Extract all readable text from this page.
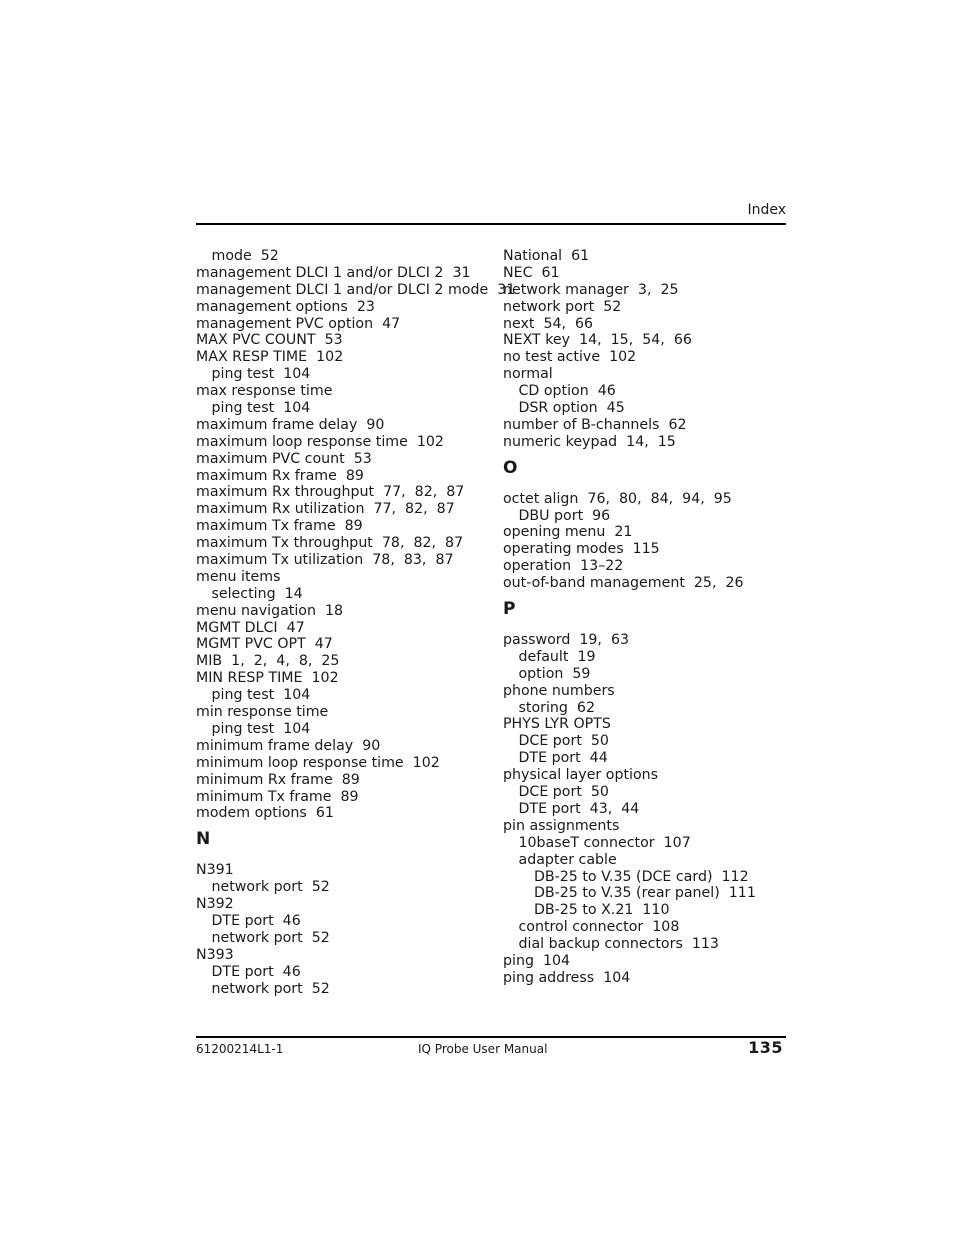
Index
mode  52
management DLCI 1 and/or DLCI 2  31
management DLCI 1 and/or DLCI 2 mode  31
management options  23
management PVC option  47
MAX PVC COUNT  53
MAX RESP TIME  102
ping test  104
max response time
ping test  104
maximum frame delay  90
maximum loop response time  102
maximum PVC count  53
maximum Rx frame  89
maximum Rx throughput  77,  82,  87
maximum Rx utilization  77,  82,  87
maximum Tx frame  89
maximum Tx throughput  78,  82,  87
maximum Tx utilization  78,  83,  87
menu items
selecting  14
menu navigation  18
MGMT DLCI  47
MGMT PVC OPT  47
MIB  1,  2,  4,  8,  25
MIN RESP TIME  102
ping test  104
min response time
ping test  104
minimum frame delay  90
minimum loop response time  102
minimum Rx frame  89
minimum Tx frame  89
modem options  61
N
N391
network port  52
N392
DTE port  46
network port  52
N393
DTE port  46
network port  52
National  61
NEC  61
network manager  3,  25
network port  52
next  54,  66
NEXT key  14,  15,  54,  66
no test active  102
normal
CD option  46
DSR option  45
number of B-channels  62
numeric keypad  14,  15
O
octet align  76,  80,  84,  94,  95
DBU port  96
opening menu  21
operating modes  115
operation  13–22
out-of-band management  25,  26
P
password  19,  63
default  19
option  59
phone numbers
storing  62
PHYS LYR OPTS
DCE port  50
DTE port  44
physical layer options
DCE port  50
DTE port  43,  44
pin assignments
10baseT connector  107
adapter cable
DB-25 to V.35 (DCE card)  112
DB-25 to V.35 (rear panel)  111
DB-25 to X.21  110
control connector  108
dial backup connectors  113
ping  104
ping address  104
61200214L1-1	IQ Probe User Manual	135
